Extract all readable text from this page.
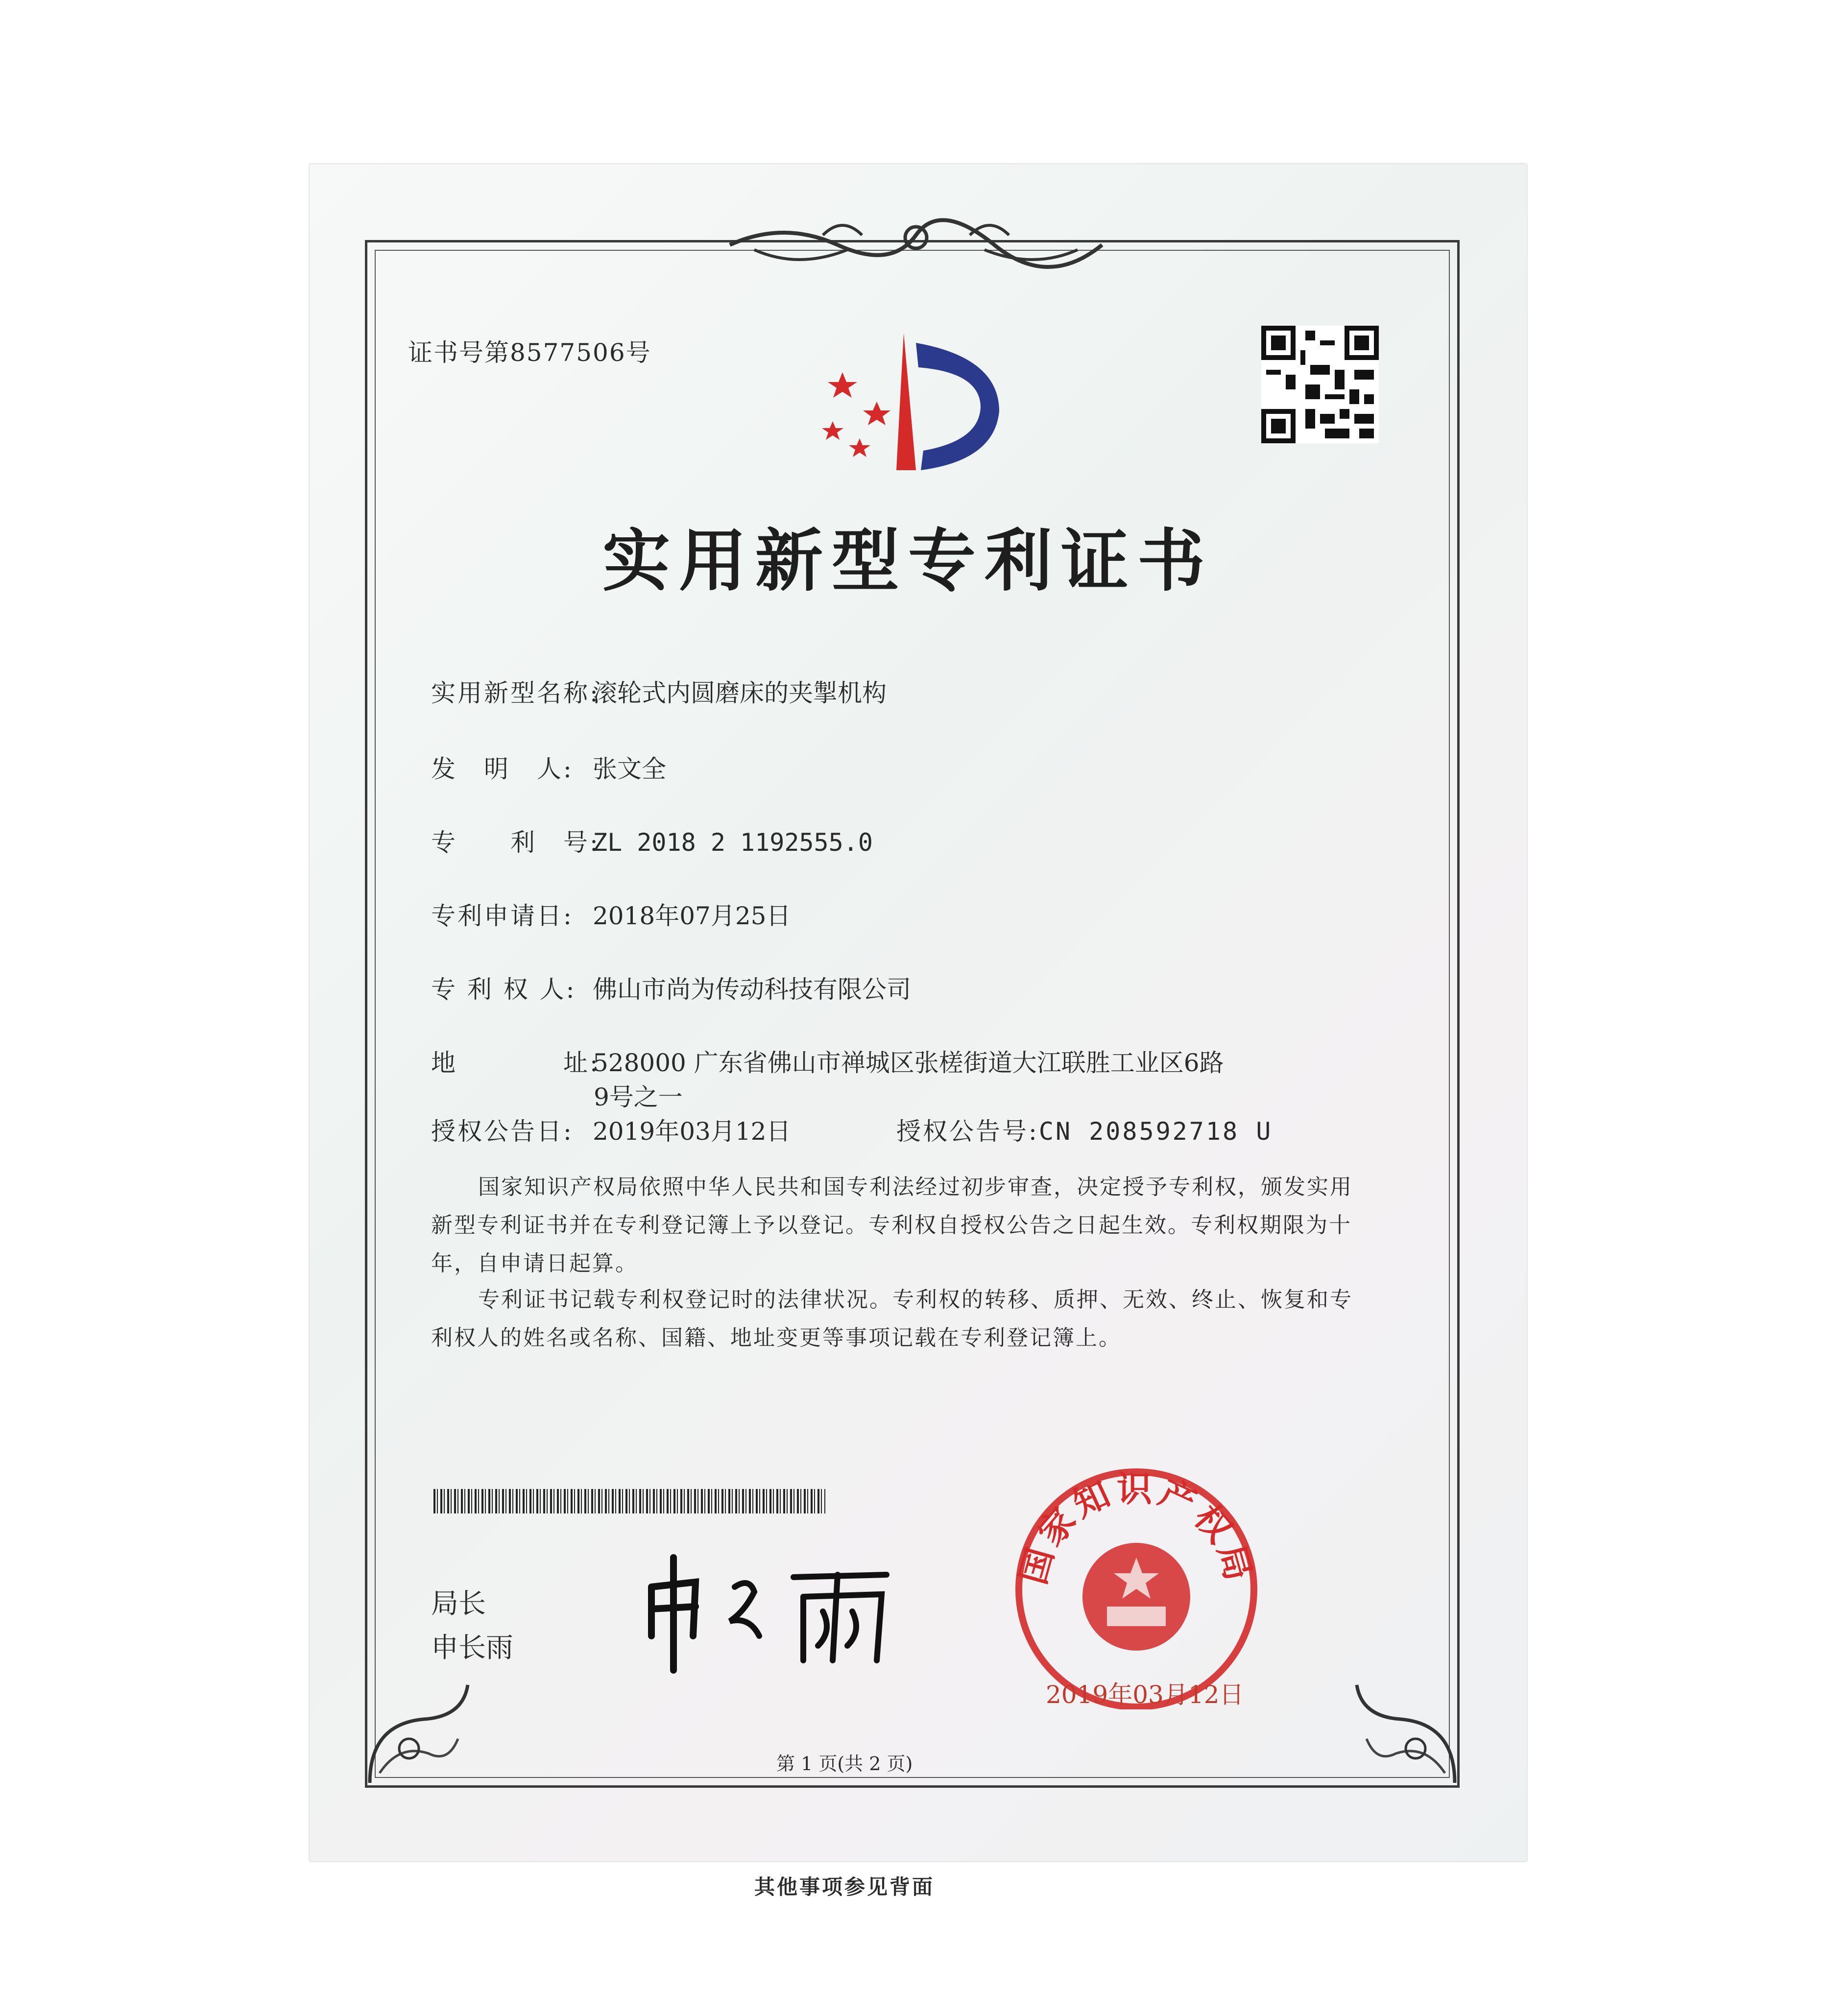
证书号第8577506号
实用新型专利证书
实用新型名称:滚轮式内圆磨床的夹掣机构
发　明　人: 张文全
专　　利　号:ZL 2018 2 1192555.0
专利申请日: 2018年07月25日
专 利 权 人: 佛山市尚为传动科技有限公司
地　　　　址:528000 广东省佛山市禅城区张槎街道大江联胜工业区6路
9号之一
授权公告日: 2019年03月12日	授权公告号:CN 208592718 U
国家知识产权局依照中华人民共和国专利法经过初步审查，决定授予专利权，颁发实用新型专利证书并在专利登记簿上予以登记。专利权自授权公告之日起生效。专利权期限为十年，自申请日起算。
专利证书记载专利权登记时的法律状况。专利权的转移、质押、无效、终止、恢复和专利权人的姓名或名称、国籍、地址变更等事项记载在专利登记簿上。
局长
申长雨
国家知识产权局
2019年03月12日
第 1 页(共 2 页)
其他事项参见背面
